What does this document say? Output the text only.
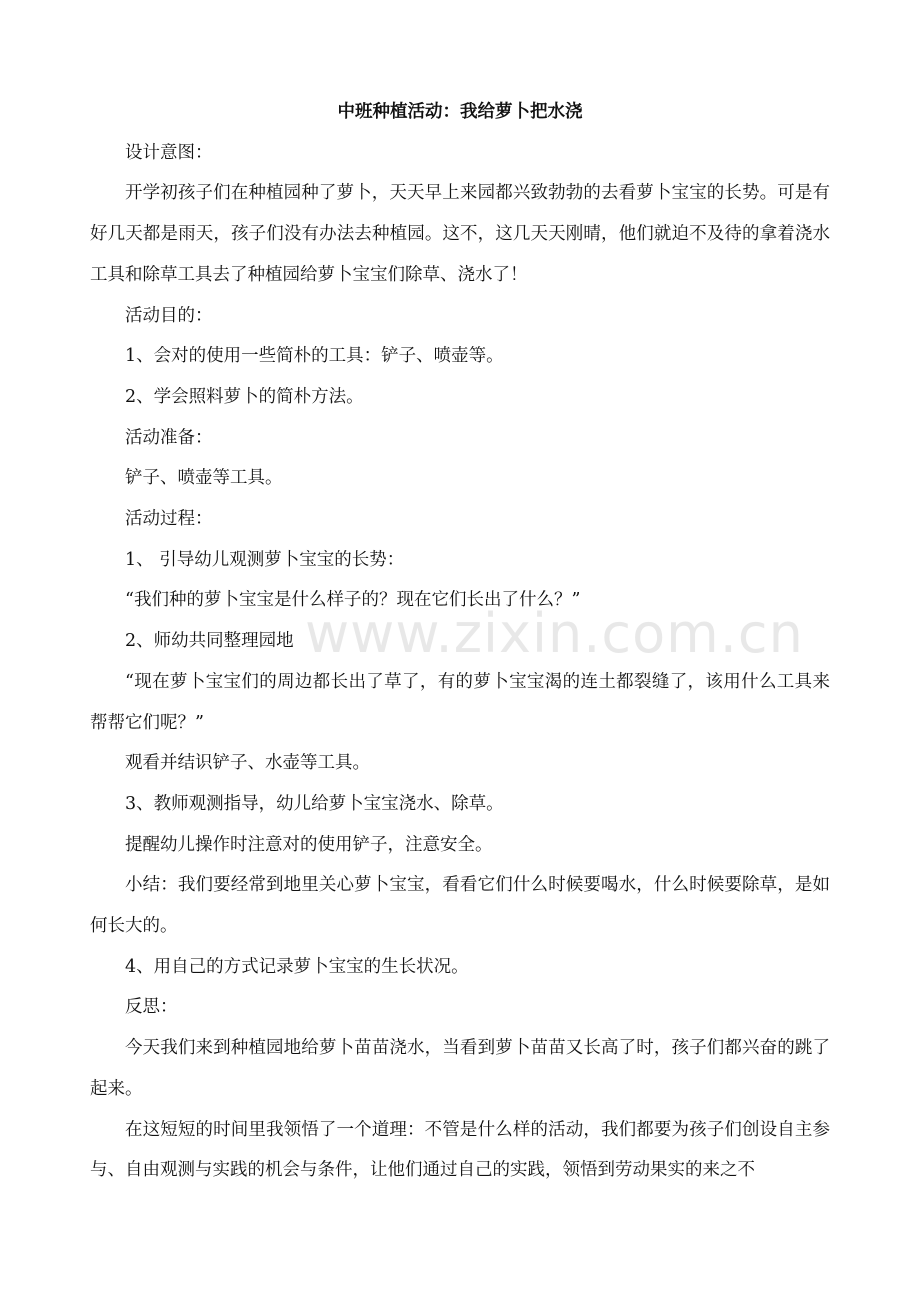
中班种植活动：我给萝卜把水浇

设计意图：

开学初孩子们在种植园种了萝卜，天天早上来园都兴致勃勃的去看萝卜宝宝的长势。可是有好几天都是雨天，孩子们没有办法去种植园。这不，这几天天刚晴，他们就迫不及待的拿着浇水工具和除草工具去了种植园给萝卜宝宝们除草、浇水了！

活动目的：

1、会对的使用一些简朴的工具：铲子、喷壶等。

2、学会照料萝卜的简朴方法。

活动准备：

铲子、喷壶等工具。

活动过程：

1、 引导幼儿观测萝卜宝宝的长势：

“我们种的萝卜宝宝是什么样子的？现在它们长出了什么？”

2、师幼共同整理园地

“现在萝卜宝宝们的周边都长出了草了，有的萝卜宝宝渴的连土都裂缝了，该用什么工具来帮帮它们呢？”

观看并结识铲子、水壶等工具。

3、教师观测指导，幼儿给萝卜宝宝浇水、除草。

提醒幼儿操作时注意对的使用铲子，注意安全。

小结：我们要经常到地里关心萝卜宝宝，看看它们什么时候要喝水，什么时候要除草，是如何长大的。

4、用自己的方式记录萝卜宝宝的生长状况。

反思：

今天我们来到种植园地给萝卜苗苗浇水，当看到萝卜苗苗又长高了时，孩子们都兴奋的跳了起来。

在这短短的时间里我领悟了一个道理：不管是什么样的活动，我们都要为孩子们创设自主参与、自由观测与实践的机会与条件，让他们通过自己的实践，领悟到劳动果实的来之不

www.zixin.com.cn
